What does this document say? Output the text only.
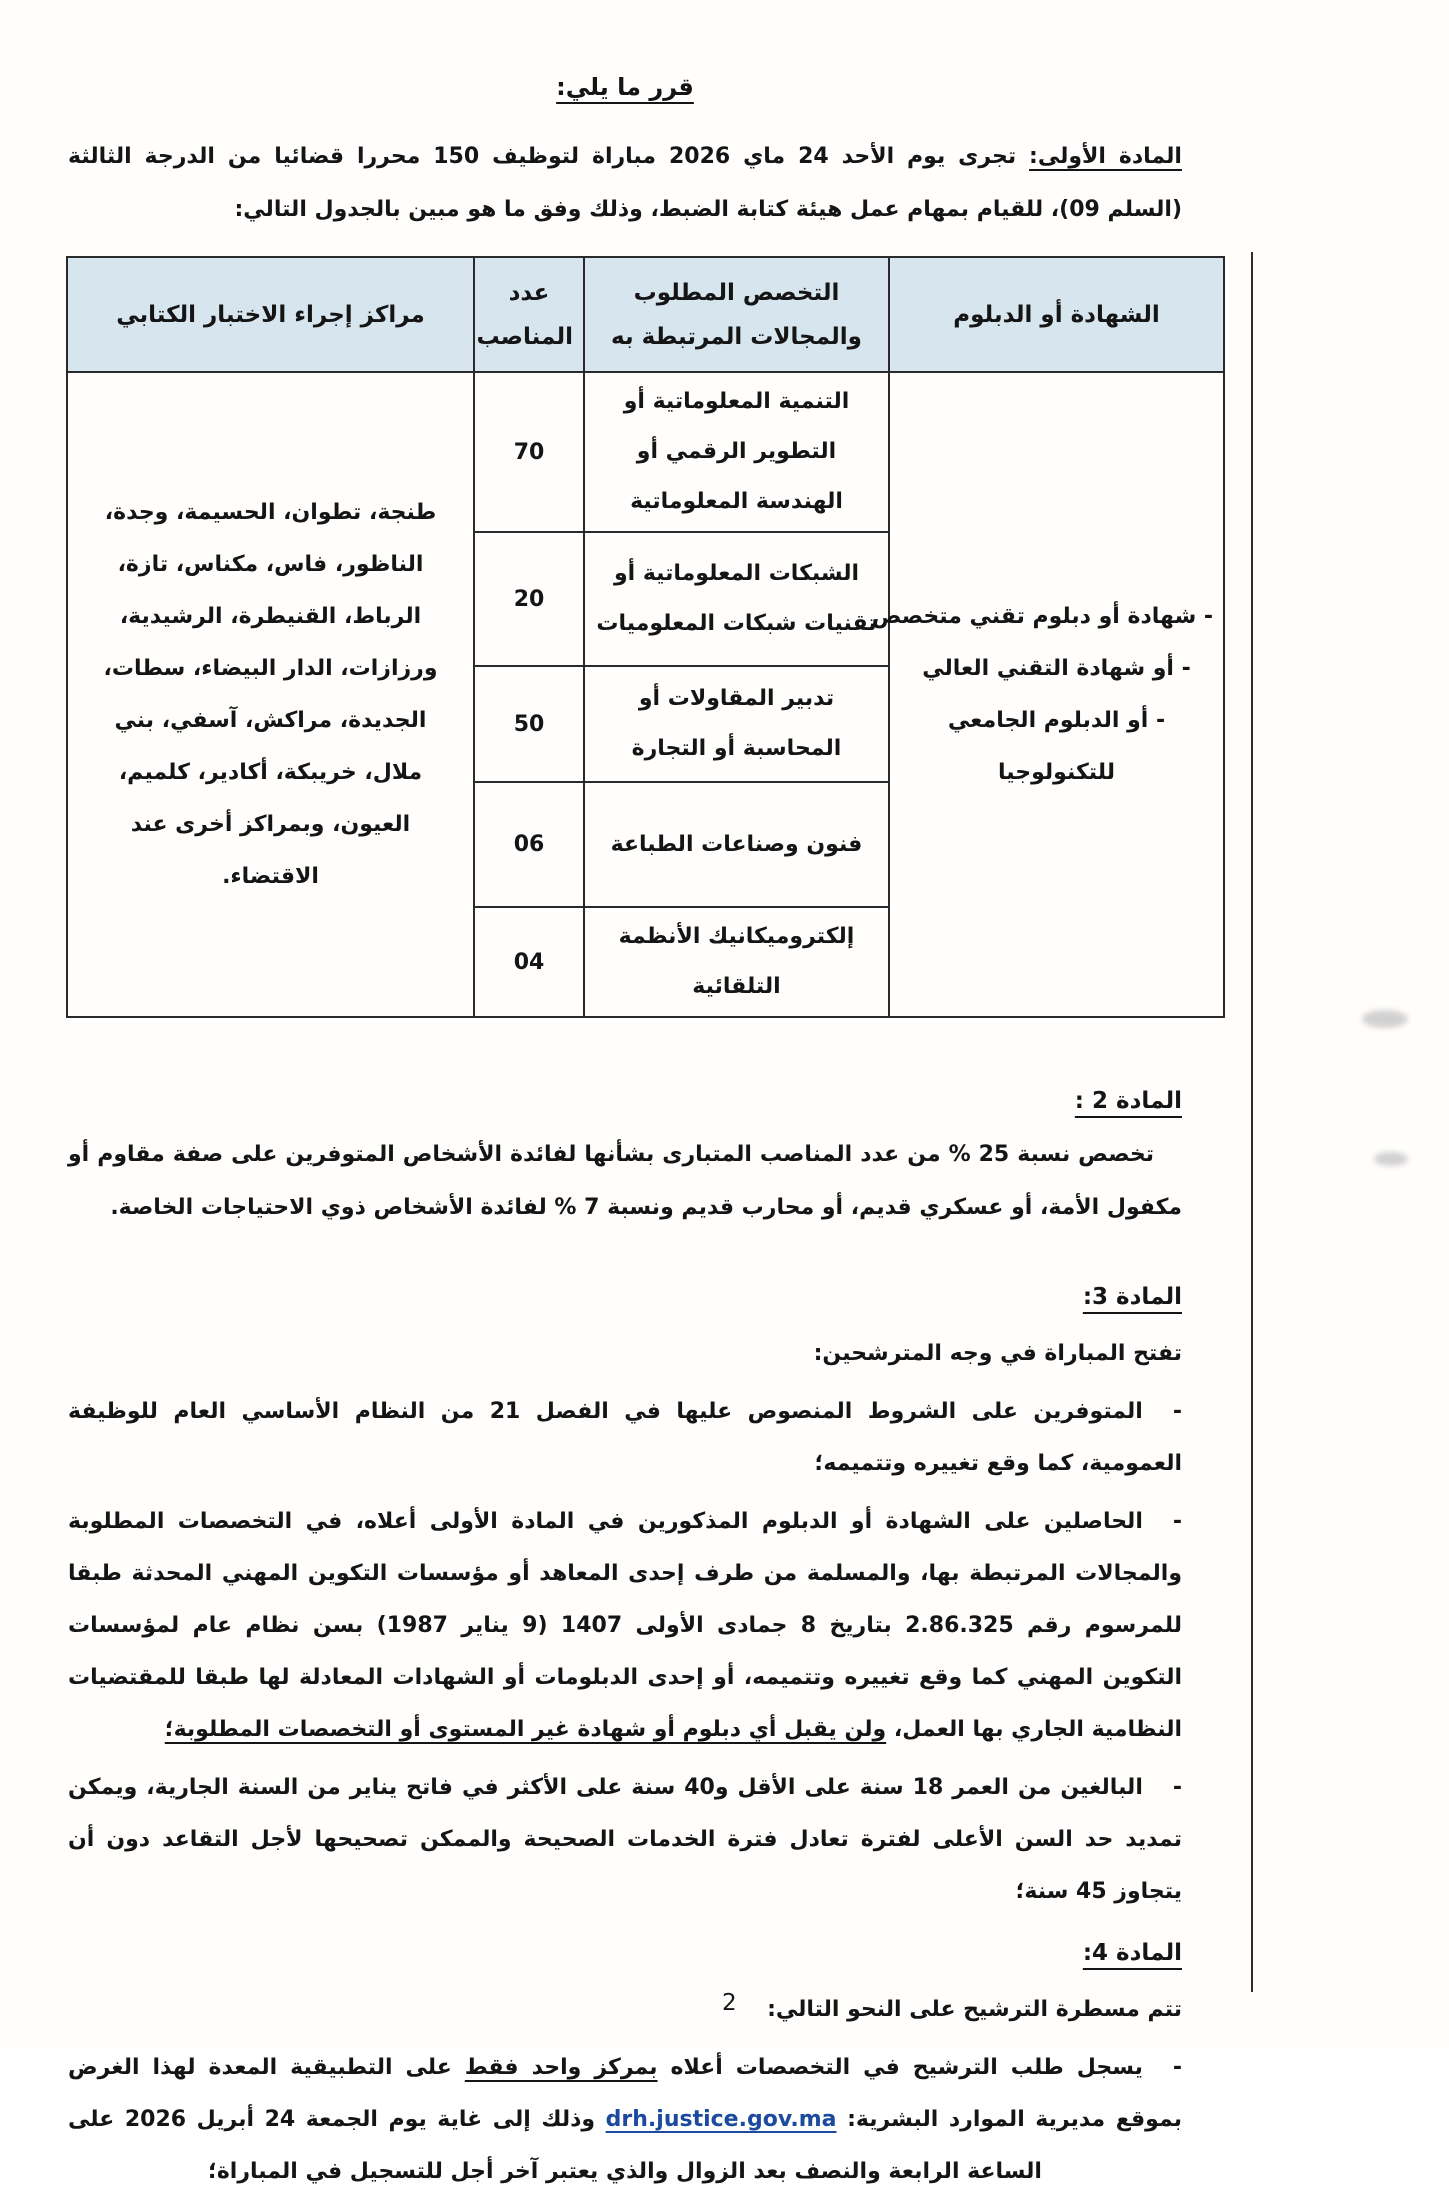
قرر ما يلي:

المادة الأولى: تجرى يوم الأحد 24 ماي 2026 مباراة لتوظيف 150 محررا قضائيا من الدرجة الثالثة (السلم 09)، للقيام بمهام عمل هيئة كتابة الضبط، وذلك وفق ما هو مبين بالجدول التالي:

الشهادة أو الدبلوم	التخصص المطلوب والمجالات المرتبطة به	عدد المناصب	مراكز إجراء الاختبار الكتابي

- شهادة أو دبلوم تقني متخصص
- أو شهادة التقني العالي
- أو الدبلوم الجامعي
للتكنولوجيا
	التنمية المعلوماتية أو التطوير الرقمي أو الهندسة المعلوماتية	70	طنجة، تطوان، الحسيمة، وجدة، الناظور، فاس، مكناس، تازة، الرباط، القنيطرة، الرشيدية، ورزازات، الدار البيضاء، سطات، الجديدة، مراكش، آسفي، بني ملال، خريبكة، أكادير، كلميم، العيون، وبمراكز أخرى عند الاقتضاء.
	الشبكات المعلوماتية أو تقنيات شبكات المعلوميات	20	
	تدبير المقاولات أو المحاسبة أو التجارة	50	
	فنون وصناعات الطباعة	06	
	إلكتروميكانيك الأنظمة التلقائية	04	
المادة 2 :

تخصص نسبة 25 % من عدد المناصب المتبارى بشأنها لفائدة الأشخاص المتوفرين على صفة مقاوم أو مكفول الأمة، أو عسكري قديم، أو محارب قديم ونسبة 7 % لفائدة الأشخاص ذوي الاحتياجات الخاصة.

المادة 3:
تفتح المباراة في وجه المترشحين:

-المتوفرين على الشروط المنصوص عليها في الفصل 21 من النظام الأساسي العام للوظيفة العمومية، كما وقع تغييره وتتميمه؛

-الحاصلين على الشهادة أو الدبلوم المذكورين في المادة الأولى أعلاه، في التخصصات المطلوبة والمجالات المرتبطة بها، والمسلمة من طرف إحدى المعاهد أو مؤسسات التكوين المهني المحدثة طبقا للمرسوم رقم 2.86.325 بتاريخ 8 جمادى الأولى 1407 (9 يناير 1987) بسن نظام عام لمؤسسات التكوين المهني كما وقع تغييره وتتميمه، أو إحدى الدبلومات أو الشهادات المعادلة لها طبقا للمقتضيات النظامية الجاري بها العمل، ولن يقبل أي دبلوم أو شهادة غير المستوى أو التخصصات المطلوبة؛

-البالغين من العمر 18 سنة على الأقل و40 سنة على الأكثر في فاتح يناير من السنة الجارية، ويمكن تمديد حد السن الأعلى لفترة تعادل فترة الخدمات الصحيحة والممكن تصحيحها لأجل التقاعد دون أن يتجاوز 45 سنة؛

المادة 4:
تتم مسطرة الترشيح على النحو التالي:

-يسجل طلب الترشيح في التخصصات أعلاه بمركز واحد فقط على التطبيقية المعدة لهذا الغرض بموقع مديرية الموارد البشرية: drh.justice.gov.ma وذلك إلى غاية يوم الجمعة 24 أبريل 2026 على الساعة الرابعة والنصف بعد الزوال والذي يعتبر آخر أجل للتسجيل في المباراة؛

2
